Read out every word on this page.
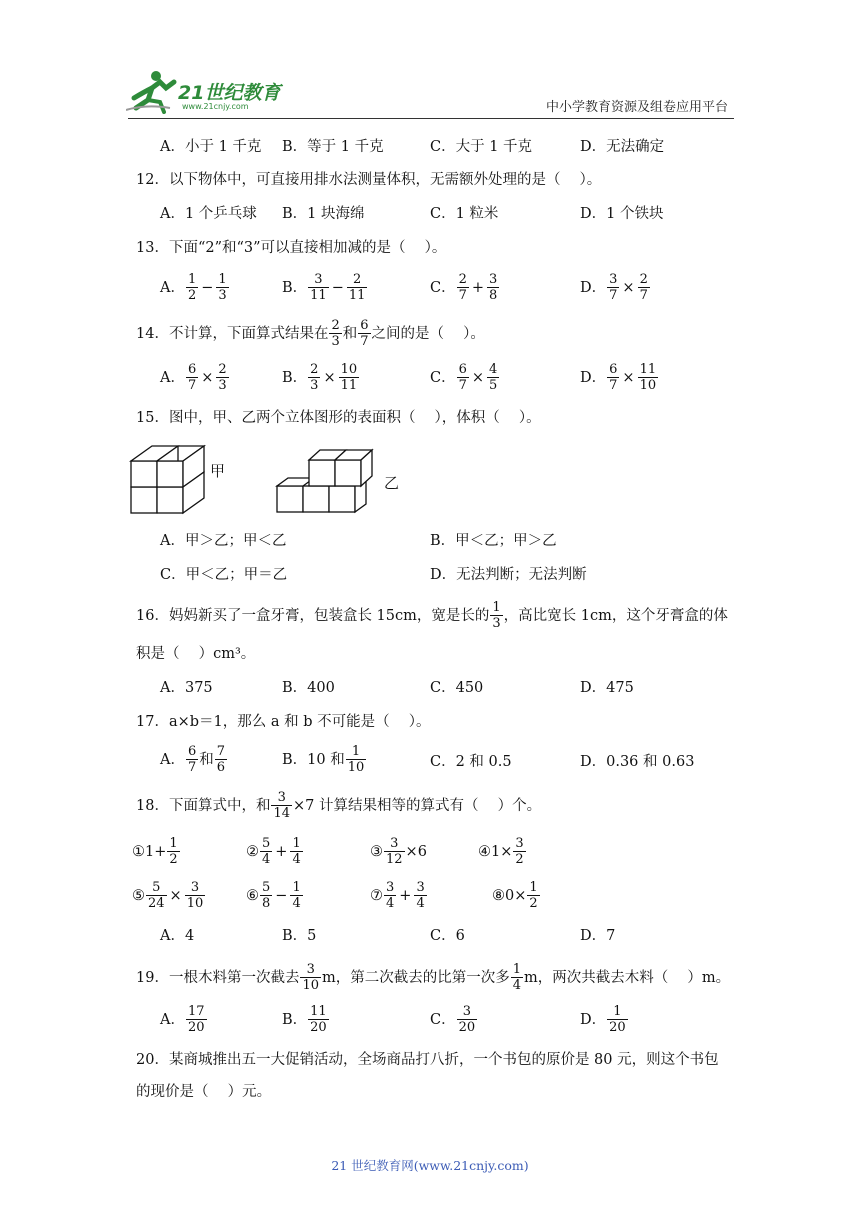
21世纪教育
www.21cnjy.com	中小学教育资源及组卷应用平台
A．小于 1 千克 B．等于 1 千克	C．大于 1 千克	D．无法确定
12．以下物体中，可直接用排水法测量体积，无需额外处理的是（　 ）。
A．1 个乒乓球 B．1 块海绵	C．1 粒米	D．1 个铁块
13．下面“2”和“3”可以直接相加减的是（　 ）。
A． $\frac{1}{2} - \frac{1}{3}$	B． $\frac{3}{11} - \frac{2}{11}$	C． $\frac{2}{7} + \frac{3}{8}$	D． $\frac{3}{7} \times \frac{2}{7}$
14．不计算，下面算式结果在 $\frac{2}{3}$ 和 $\frac{6}{7}$ 之间的是（　 ）。
A． $\frac{6}{7} \times \frac{2}{3}$	B． $\frac{2}{3} \times \frac{10}{11}$	C． $\frac{6}{7} \times \frac{4}{5}$	D． $\frac{6}{7} \times \frac{11}{10}$
15．图中，甲、乙两个立体图形的表面积（　 ），体积（　 ）。
甲
乙
A．甲＞乙；甲＜乙	B．甲＜乙；甲＞乙
C．甲＜乙；甲＝乙	D．无法判断；无法判断
16．妈妈新买了一盒牙膏，包装盒长 15cm，宽是长的 $\frac{1}{3}$ ，高比宽长 1cm，这个牙膏盒的体
积是（　 ）cm³。
A．375	B．400	C．450	D．475
17．a×b＝1，那么 a 和 b 不可能是（　 ）。
A． $\frac{6}{7}$ 和 $\frac{7}{6}$	B．10 和 $\frac{1}{10}$	C．2 和 0.5	D．0.36 和 0.63
18．下面算式中，和 $\frac{3}{14} \times 7$ 计算结果相等的算式有（　 ）个。
①1+ $\frac{1}{2}$	② $\frac{5}{4} + \frac{1}{4}$	③ $\frac{3}{12} \times 6$	④1× $\frac{3}{2}$
⑤ $\frac{5}{24} \times \frac{3}{10}$	⑥ $\frac{5}{8} - \frac{1}{4}$	⑦ $\frac{3}{4} + \frac{3}{4}$	⑧0× $\frac{1}{2}$
A．4	B．5	C．6	D．7
19．一根木料第一次截去 $\frac{3}{10}$ m，第二次截去的比第一次多 $\frac{1}{4}$ m，两次共截去木料（　 ）m。
A． $\frac{17}{20}$	B． $\frac{11}{20}$	C． $\frac{3}{20}$	D． $\frac{1}{20}$
20．某商城推出五一大促销活动，全场商品打八折，一个书包的原价是 80 元，则这个书包
的现价是（　 ）元。
21 世纪教育网(www.21cnjy.com)
